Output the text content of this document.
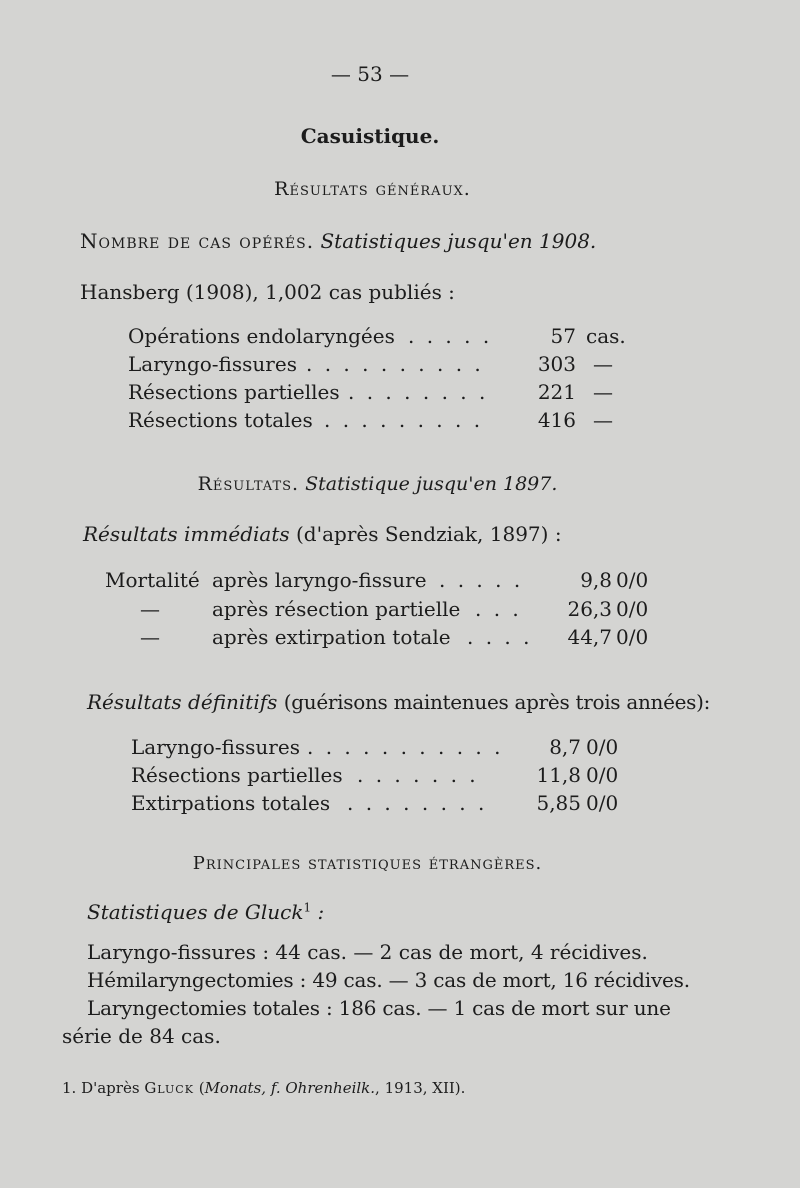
— 53 —
Casuistique.
Résultats généraux.
Nombre de cas opérés. Statistiques jusqu'en 1908.
Hansberg (1908), 1,002 cas publiés :
Opérations endolaryngées . . . . .	57 cas.
Laryngo-fissures . . . . . . . . . .	303 —
Résections partielles . . . . . . . .	221 —
Résections totales . . . . . . . . .	416 —
Résultats. Statistique jusqu'en 1897.
Résultats immédiats (d'après Sendziak, 1897) :
Mortalité après laryngo-fissure . . . . .	9,8 0/0
—	après résection partielle . . .	26,3 0/0
—	après extirpation totale . . . .	44,7 0/0
Résultats définitifs (guérisons maintenues après trois années):
Laryngo-fissures . . . . . . . . . . .	8,7 0/0
Résections partielles . . . . . . .	11,8 0/0
Extirpations totales . . . . . . . .	5,85 0/0
Principales statistiques étrangères.
Statistiques de Gluck$^1$ :
Laryngo-fissures : 44 cas. — 2 cas de mort, 4 récidives.
Hémilaryngectomies : 49 cas. — 3 cas de mort, 16 récidives.
Laryngectomies totales : 186 cas. — 1 cas de mort sur une
série de 84 cas.
1. D'après Gluck (Monats, f. Ohrenheilk., 1913, XII).
